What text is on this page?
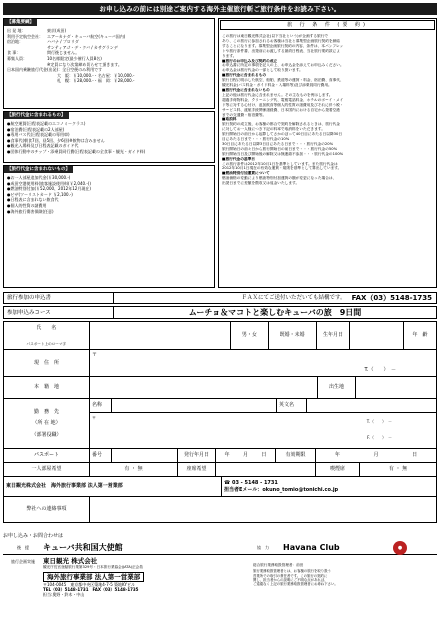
お申し込みの前には別途ご案内する海外主催旅行斬ご旅行条件をお読み下さい。
【募集要綱】
出 発 地：	東京(成田)
利用予定航空会社：	エアーカナダ・キューバ航空(キューバ国内)
宿泊地：	ハバナ / プロリダ
サンティアゴ・デ・クバ / カサグランデ
食 事：	問行後じません。
募集人員：	10名様限定(最少催行人員8名)
※定員になり次第締め切らせて頂きます。
日本国内乗継旅行代金(出発)：全日空便のみ利用です
大　阪：￥10,000.-・名古屋：￥10,000.-
札　幌：￥28,000.-・福　岡：￥28,000.-
【旅行代金に含まれるもの】
●航空運賃(日程表記載のエコノミークラス)
●宿泊費(日程表記載の2人部屋)
●専用バス代(日程表記載の専用車)
●食事代(朝食7回、昼5回、夕6回)※飲物は含みません
●観光入場料及び日程表記載のガイド代
●団体行動中のチップ・添乗員同行費(日程表記載の全食事・観光・ガイド料)
【旅行代金に含まれないもの】
●お一人部屋追加代金(￥30,000.-)
●成田空港使用料(旅客施設使用料(￥2,040.-))
●燃油特別付加(￥52,000、2012年12月現在)
●ビザ(ツーリストカード ￥2,100.-)
●日程表に含まれない飲食代
●個人的性質の諸費用
●海外旅行傷害保険(任意)
旅 行 条 件 (要 約)

この旅行は東日観光株式会社(以下当社という)が企画する旅行で

あり、この旅行に参加されるお客様は当社と募集型企画旅行契約を締結

することになります。募集型企画旅行契約の内容、条件は、本パンフレッ

トや旅行条件書、出発前にお渡しする最終日程表、当社旅行業約款によ

ります。

■旅行のお申込み及び契約の成立

お申込書に所定の事項を記入の上、お申込金を添えてお申込みください。

お申込金は旅行代金の一部として取り扱います。

■旅行代金に含まれるもの

旅行日程に明示した航空、船舶、鉄道等の運賃・料金、宿泊費、食事代、

観光料金(バス料金・ガイド料金・入場料等)及び添乗員同行費用。

■旅行代金に含まれないもの

上記の他は旅行代金に含まれません。その主なものを例示します。

超過手荷物料金、クリーニング代、電報電話料金、ホテルのボーイ・メイ

ド等に対する心付け、追加飲食等個人的性質の諸費用及びそれに伴う税・

サービス料、渡航手続関係諸経費、日本国内における自宅から発着空港

までの交通費・宿泊費等。

■取消料

旅行契約の成立後、お客様の都合で契約を解除されるときは、旅行代金

に対してお一人様につき下記の料率で取消料をいただきます。

旅行開始日の前日から起算してさかのぼって40日目にあたる日以降30日

目にあたる日まで・・・旅行代金の10%

30日目にあたる日以降3日目にあたる日まで・・・旅行代金の20%

旅行開始日の前々日から旅行開始日の前日まで・・・旅行代金の50%

旅行開始当日及び開始後の解除又は無連絡不参加・・・旅行代金の100%

■旅行代金の基準日

この旅行条件は2012年10月1日を基準としています。また旅行代金は

2012年10月1日現在の有効な運賃・規則を基準として算出しています。

■燃油特別付加運賃について

燃油価格の変動により燃油特別付加運賃の額が変更になった場合は、

出発日までに差額を徴収又は返金いたします。

旅行参加の申込書	ＦＡＸにてご送付いただいても結構です。 FAX（03）5148-1735
参加申込みコース	ムーチョ＆マコトと楽しむキューバの旅　9日間
氏　　名
パスポート上のローマ字
男・女	既婚・未婚	生年月日	年　齢
現　住　所
〒
T.（　　）　－
本　籍　地	出生地
勤　務　先
（所 在 地）
（部署役職）
名称	英文名
〒
T.（　　）　－
F.（　　）　－
パスポート	番号	発行年月日	年	月	日	有効期限	年	月	日
一人部屋希望	有 ・ 無	座席希望	喫煙席	有 ・ 無
東日観光株式会社　海外旅行事業部 法人第一営業部
☎ 03 - 5148 - 1731
担当者Eメール：okuno_tomio@tonichi.co.jp
弊社への連絡事項
お申し込み・お問合わせは
後　援	キューバ共和国大使館	協　力	Havana Club	●
旅行企画実施	東日観光 株式会社
観光庁長官登録旅行業第329号・日本旅行業協会(JATA)正会員
海外旅行事業部 法人第一営業部
〒104-0045　東京都中央区築地4-7-5 築地KYビル
TEL（03）5148-1731　FAX（03）5148-1735
担当:奥野・鈴木・中山
総合旅行業務取扱管理者：前田
旅行業務取扱管理者とは、お客様の旅行を取り扱う
営業所での取引の責任者です。この旅行の契約に
関し、担当者からの説明にご不明な点があれば、
ご遠慮なく上記の旅行業務取扱管理者にお尋ね下さい。
